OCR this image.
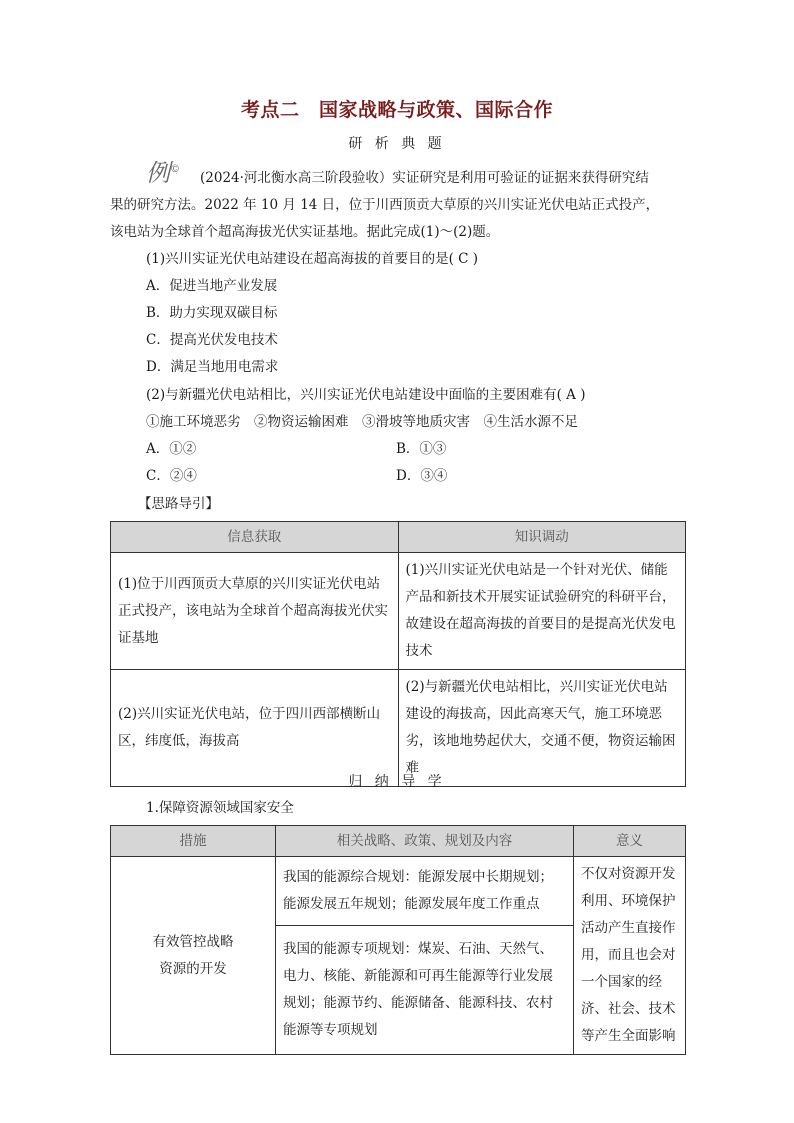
考点二　国家战略与政策、国际合作
研 析 典 题
例©
(2024·河北衡水高三阶段验收）实证研究是利用可验证的证据来获得研究结
果的研究方法。2022 年 10 月 14 日，位于川西顶贡大草原的兴川实证光伏电站正式投产，
该电站为全球首个超高海拔光伏实证基地。据此完成(1)～(2)题。
(1)兴川实证光伏电站建设在超高海拔的首要目的是( C )
A．促进当地产业发展
B．助力实现双碳目标
C．提高光伏发电技术
D．满足当地用电需求
(2)与新疆光伏电站相比，兴川实证光伏电站建设中面临的主要困难有( A )
①施工环境恶劣　②物资运输困难　③滑坡等地质灾害　④生活水源不足
A．①②	B．①③
C．②④	D．③④
【思路导引】
信息获取	知识调动
(1)位于川西顶贡大草原的兴川实证光伏电站正式投产，该电站为全球首个超高海拔光伏实证基地	(1)兴川实证光伏电站是一个针对光伏、储能产品和新技术开展实证试验研究的科研平台，故建设在超高海拔的首要目的是提高光伏发电技术
(2)兴川实证光伏电站，位于四川西部横断山区，纬度低，海拔高	(2)与新疆光伏电站相比，兴川实证光伏电站建设的海拔高，因此高寒天气，施工环境恶劣，该地地势起伏大，交通不便，物资运输困难
归 纳 导 学
1.保障资源领域国家安全
措施	相关战略、政策、规划及内容	意义
有效管控战略资源的开发	我国的能源综合规划：能源发展中长期规划；能源发展五年规划；能源发展年度工作重点	不仅对资源开发利用、环境保护活动产生直接作用，而且也会对一个国家的经济、社会、技术等产生全面影响
	我国的能源专项规划：煤炭、石油、天然气、电力、核能、新能源和可再生能源等行业发展规划；能源节约、能源储备、能源科技、农村能源等专项规划	
